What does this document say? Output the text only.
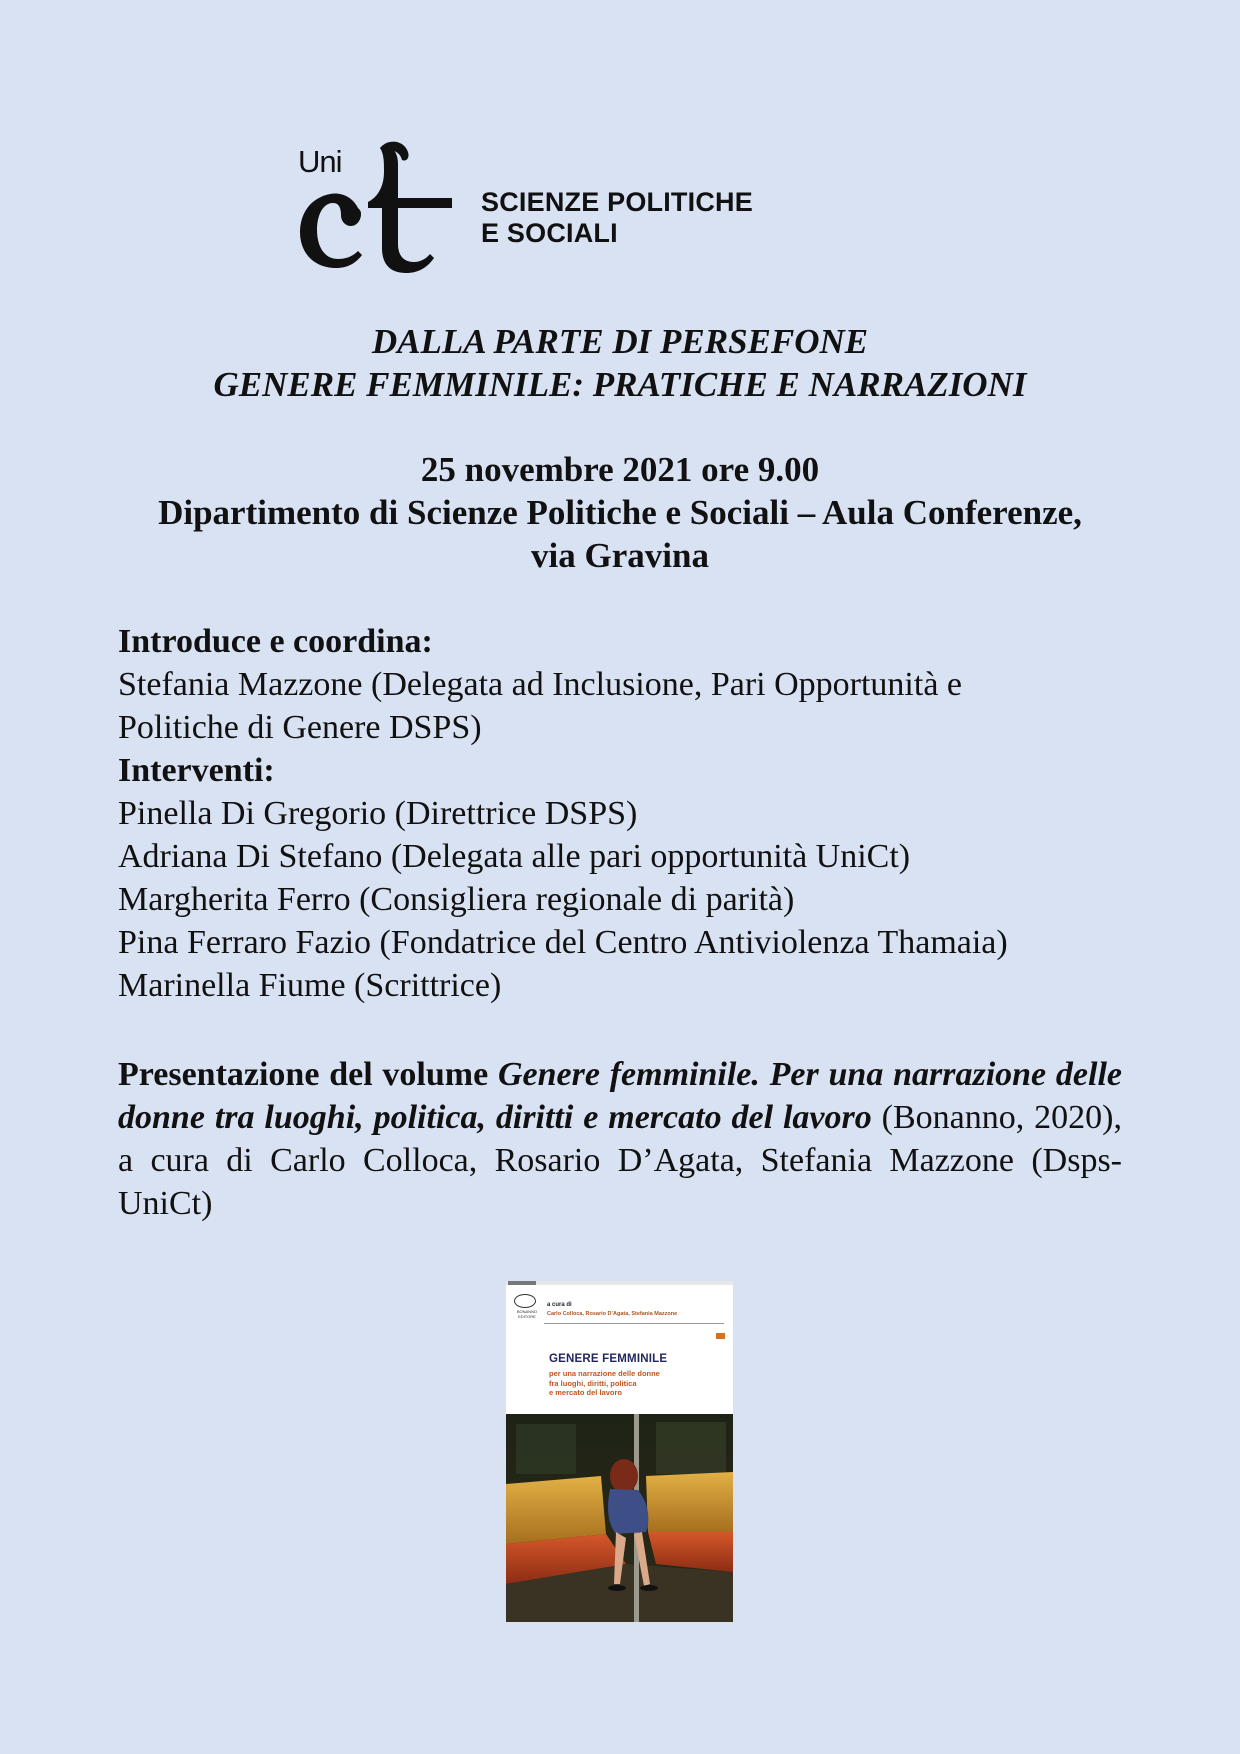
Uni
SCIENZE POLITICHE
E SOCIALI
DALLA PARTE DI PERSEFONE
GENERE FEMMINILE: PRATICHE E NARRAZIONI
25 novembre 2021 ore 9.00
Dipartimento di Scienze Politiche e Sociali – Aula Conferenze,
via Gravina
Introduce e coordina:
Stefania Mazzone (Delegata ad Inclusione, Pari Opportunità e
Politiche di Genere DSPS)
Interventi:
Pinella Di Gregorio (Direttrice DSPS)
Adriana Di Stefano (Delegata alle pari opportunità UniCt)
Margherita Ferro (Consigliera regionale di parità)
Pina Ferraro Fazio (Fondatrice del Centro Antiviolenza Thamaia)
Marinella Fiume (Scrittrice)
Presentazione del volume Genere femminile. Per una narrazione delle donne tra luoghi, politica, diritti e mercato del lavoro (Bonanno, 2020), a cura di Carlo Colloca, Rosario D’Agata, Stefania Mazzone (Dsps-UniCt)
BONANNO EDITORE
a cura di
Carlo Colloca, Rosario D’Agata, Stefania Mazzone
GENERE FEMMINILE
per una narrazione delle donne
fra luoghi, diritti, politica
e mercato del lavoro
